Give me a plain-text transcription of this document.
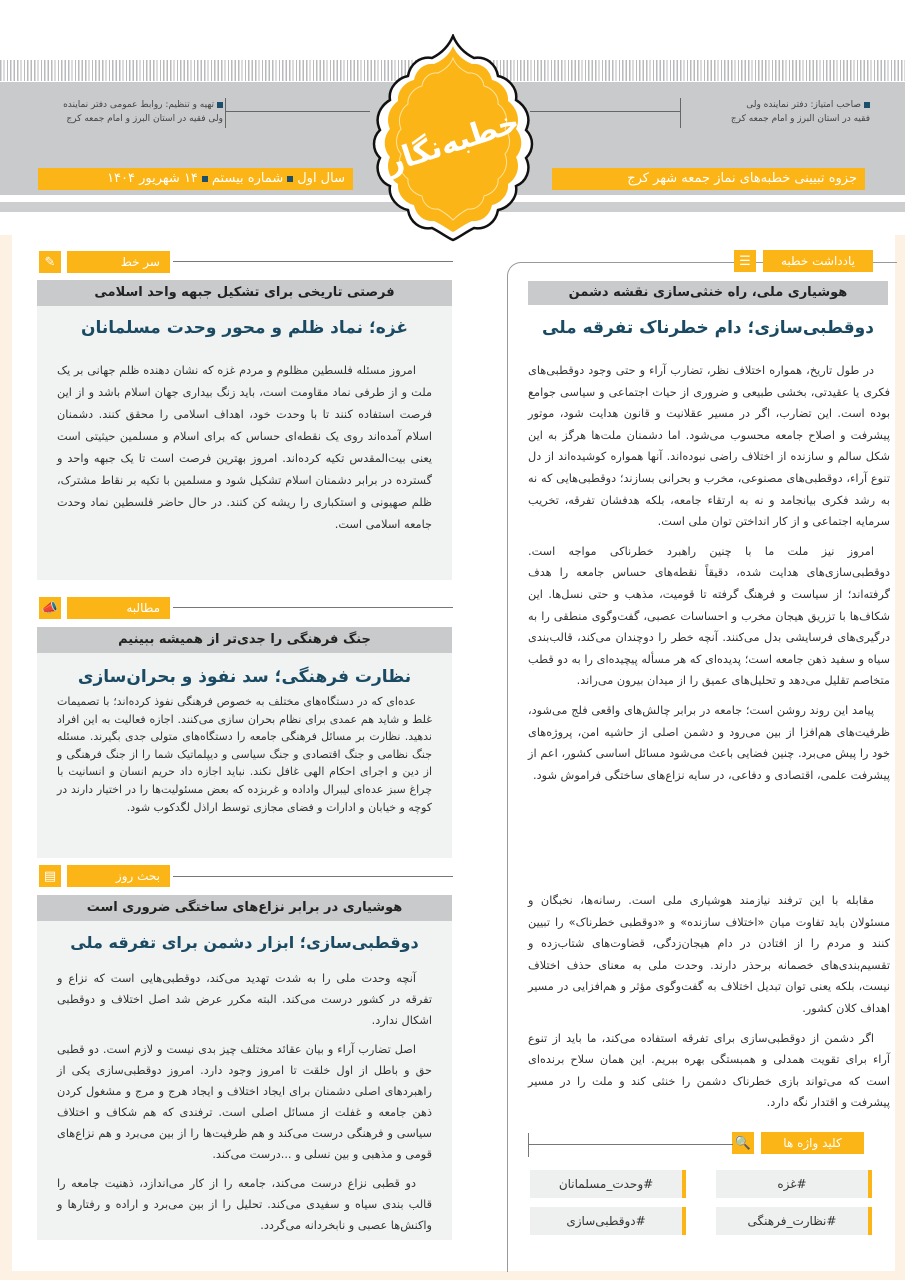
صاحب امتیاز: دفتر نماینده ولی
فقیه در استان البرز و امام جمعه کرج
تهیه و تنظیم: روابط عمومی دفتر نماینده
ولی فقیه در استان البرز و امام جمعه کرج
جزوه تبیینی خطبه‌های نماز جمعه شهر کرج
سال اولشماره بیستم۱۴ شهریور ۱۴۰۴	خطبه‌نگار
سر خط
✎
فرصتی تاریخی برای تشکیل جبهه واحد اسلامی
غزه؛ نماد ظلم و محور وحدت مسلمانان

امروز مسئله فلسطین مظلوم و مردم غزه که نشان دهنده ظلم جهانی بر یک ملت و از طرفی نماد مقاومت است، باید زنگ بیداری جهان اسلام باشد و از این فرصت استفاده کنند تا با وحدت خود، اهداف اسلامی را محقق کنند. دشمنان اسلام آمده‌اند روی یک نقطه‌ای حساس که برای اسلام و مسلمین حیثیتی است یعنی بیت‌المقدس تکیه کرده‌اند. امروز بهترین فرصت است تا یک جبهه واحد و گسترده در برابر دشمنان اسلام تشکیل شود و مسلمین با تکیه بر نقاط مشترک، ظلم صهیونی و استکباری را ریشه کن کنند. در حال حاضر فلسطین نماد وحدت جامعه اسلامی است.

مطالبه
📣
جنگ فرهنگی را جدی‌تر از همیشه ببینیم
نظارت فرهنگی؛ سد نفوذ و بحران‌سازی

عده‌ای که در دستگاه‌های مختلف به خصوص فرهنگی نفوذ کرده‌اند؛ با تصمیمات غلط و شاید هم عمدی برای نظام بحران سازی می‌کنند. اجازه فعالیت به این افراد ندهید. نظارت بر مسائل فرهنگی جامعه را دستگاه‌های متولی جدی بگیرند. مسئله جنگ نظامی و جنگ اقتصادی و جنگ سیاسی و دیپلماتیک شما را از جنگ فرهنگی و از دین و اجرای احکام الهی غافل نکند. نباید اجازه داد حریم انسان و انسانیت با چراغ سبز عده‌ای لیبرال واداده و غربزده که بعض مسئولیت‌ها را در اختیار دارند در کوچه و خیابان و ادارات و فضای مجازی توسط اراذل لگدکوب شود.

بحث روز
▤
هوشیاری در برابر نزاع‌های ساختگی ضروری است
دوقطبی‌سازی؛ ابزار دشمن برای تفرقه ملی

آنچه وحدت ملی را به شدت تهدید می‌کند، دوقطبی‌هایی است که نزاع و تفرقه در کشور درست می‌کند. البته مکرر عرض شد اصل اختلاف و دوقطبی اشکال ندارد.

اصل تضارب آراء و بیان عقائد مختلف چیز بدی نیست و لازم است. دو قطبی حق و باطل از اول خلقت تا امروز وجود دارد. امروز دوقطبی‌سازی یکی از راهبردهای اصلی دشمنان برای ایجاد اختلاف و ایجاد هرج و مرج و مشغول کردن ذهن جامعه و غفلت از مسائل اصلی است. ترفندی که هم شکاف و اختلاف سیاسی و فرهنگی درست می‌کند و هم ظرفیت‌ها را از بین می‌برد و هم نزاع‌های قومی و مذهبی و بین نسلی و ...درست می‌کند.

دو قطبی نزاع درست می‌کند، جامعه را از کار می‌اندازد، ذهنیت جامعه را قالب بندی سیاه و سفیدی می‌کند. تحلیل را از بین می‌برد و اراده و رفتارها و واکنش‌ها عصبی و نابخردانه می‌گردد.

یادداشت خطبه
☰
هوشیاری ملی، راه خنثی‌سازی نقشه دشمن
دوقطبی‌سازی؛ دام خطرناک تفرقه ملی

در طول تاریخ، همواره اختلاف نظر، تضارب آراء و حتی وجود دوقطبی‌های فکری یا عقیدتی، بخشی طبیعی و ضروری از حیات اجتماعی و سیاسی جوامع بوده است. این تضارب، اگر در مسیر عقلانیت و قانون هدایت شود، موتور پیشرفت و اصلاح جامعه محسوب می‌شود. اما دشمنان ملت‌ها هرگز به این شکل سالم و سازنده از اختلاف راضی نبوده‌اند. آنها همواره کوشیده‌اند از دل تنوع آراء، دوقطبی‌های مصنوعی، مخرب و بحرانی بسازند؛ دوقطبی‌هایی که نه به رشد فکری بیانجامد و نه به ارتقاء جامعه، بلکه هدفشان تفرقه، تخریب سرمایه اجتماعی و از کار انداختن توان ملی است.

امروز نیز ملت ما با چنین راهبرد خطرناکی مواجه است. دوقطبی‌سازی‌های هدایت شده، دقیقاً نقطه‌های حساس جامعه را هدف گرفته‌اند؛ از سیاست و فرهنگ گرفته تا قومیت، مذهب و حتی نسل‌ها. این شکاف‌ها با تزریق هیجان مخرب و احساسات عصبی، گفت‌وگوی منطقی را به درگیری‌های فرسایشی بدل می‌کنند. آنچه خطر را دوچندان می‌کند، قالب‌بندی سیاه و سفید ذهن جامعه است؛ پدیده‌ای که هر مسأله پیچیده‌ای را به دو قطب متخاصم تقلیل می‌دهد و تحلیل‌های عمیق را از میدان بیرون می‌راند.

پیامد این روند روشن است؛ جامعه در برابر چالش‌های واقعی فلج می‌شود، ظرفیت‌های هم‌افزا از بین می‌رود و دشمن اصلی از حاشیه امن، پروژه‌های خود را پیش می‌برد. چنین فضایی باعث می‌شود مسائل اساسی کشور، اعم از پیشرفت علمی، اقتصادی و دفاعی، در سایه نزاع‌های ساختگی فراموش شود.

مقابله با این ترفند نیازمند هوشیاری ملی است. رسانه‌ها، نخبگان و مسئولان باید تفاوت میان «اختلاف سازنده» و «دوقطبی خطرناک» را تبیین کنند و مردم را از افتادن در دام هیجان‌زدگی، قضاوت‌های شتاب‌زده و تقسیم‌بندی‌های خصمانه برحذر دارند. وحدت ملی به معنای حذف اختلاف نیست، بلکه یعنی توان تبدیل اختلاف به گفت‌وگوی مؤثر و هم‌افزایی در مسیر اهداف کلان کشور.

اگر دشمن از دوقطبی‌سازی برای تفرقه استفاده می‌کند، ما باید از تنوع آراء برای تقویت همدلی و همبستگی بهره ببریم. این همان سلاح برنده‌ای است که می‌تواند بازی خطرناک دشمن را خنثی کند و ملت را در مسیر پیشرفت و اقتدار نگه دارد.

کلید واژه ها
🔍
#غزه
#وحدت_مسلمانان
#نظارت_فرهنگی
#دوقطبی‌سازی
